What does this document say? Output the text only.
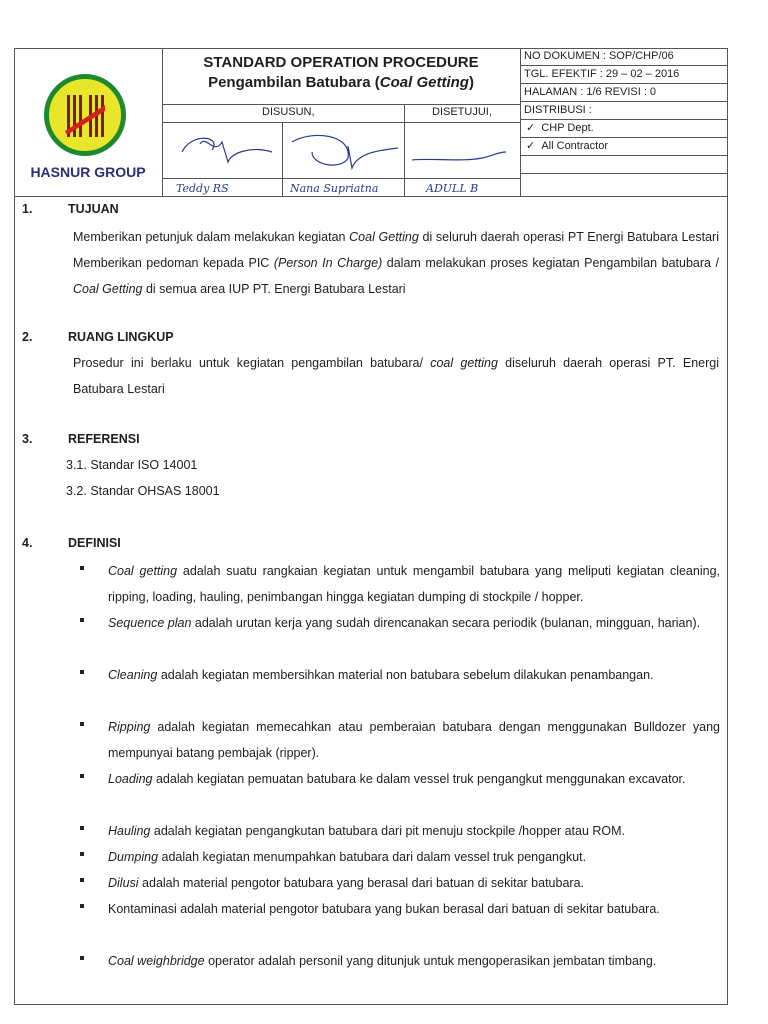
HASNUR GROUP
STANDARD OPERATION PROCEDURE
Pengambilan Batubara (Coal Getting)
DISUSUN,	DISETUJUI,
Teddy RS	Nana Supriatna	ADULL B
NO DOKUMEN : SOP/CHP/06
TGL. EFEKTIF : 29 – 02 – 2016
HALAMAN : 1/6 REVISI : 0
DISTRIBUSI :
✓ CHP Dept.
✓ All Contractor
1.	TUJUAN
Memberikan petunjuk dalam melakukan kegiatan Coal Getting di seluruh daerah operasi PT Energi Batubara Lestari Memberikan pedoman kepada PIC (Person In Charge) dalam melakukan proses kegiatan Pengambilan batubara / Coal Getting di semua area IUP PT. Energi Batubara Lestari
2.	RUANG LINGKUP
Prosedur ini berlaku untuk kegiatan pengambilan batubara/ coal getting diseluruh daerah operasi PT. Energi Batubara Lestari
3.	REFERENSI
3.1. Standar ISO 14001
3.2. Standar OHSAS 18001
4.	DEFINISI
Coal getting adalah suatu rangkaian kegiatan untuk mengambil batubara yang meliputi kegiatan cleaning, ripping, loading, hauling, penimbangan hingga kegiatan dumping di stockpile / hopper.
Sequence plan adalah urutan kerja yang sudah direncanakan secara periodik (bulanan, mingguan, harian).
Cleaning adalah kegiatan membersihkan material non batubara sebelum dilakukan penambangan.
Ripping adalah kegiatan memecahkan atau pemberaian batubara dengan menggunakan Bulldozer yang mempunyai batang pembajak (ripper).
Loading adalah kegiatan pemuatan batubara ke dalam vessel truk pengangkut menggunakan excavator.
Hauling adalah kegiatan pengangkutan batubara dari pit menuju stockpile /hopper atau ROM.
Dumping adalah kegiatan menumpahkan batubara dari dalam vessel truk pengangkut.
Dilusi adalah material pengotor batubara yang berasal dari batuan di sekitar batubara.
Kontaminasi adalah material pengotor batubara yang bukan berasal dari batuan di sekitar batubara.
Coal weighbridge operator adalah personil yang ditunjuk untuk mengoperasikan jembatan timbang.
